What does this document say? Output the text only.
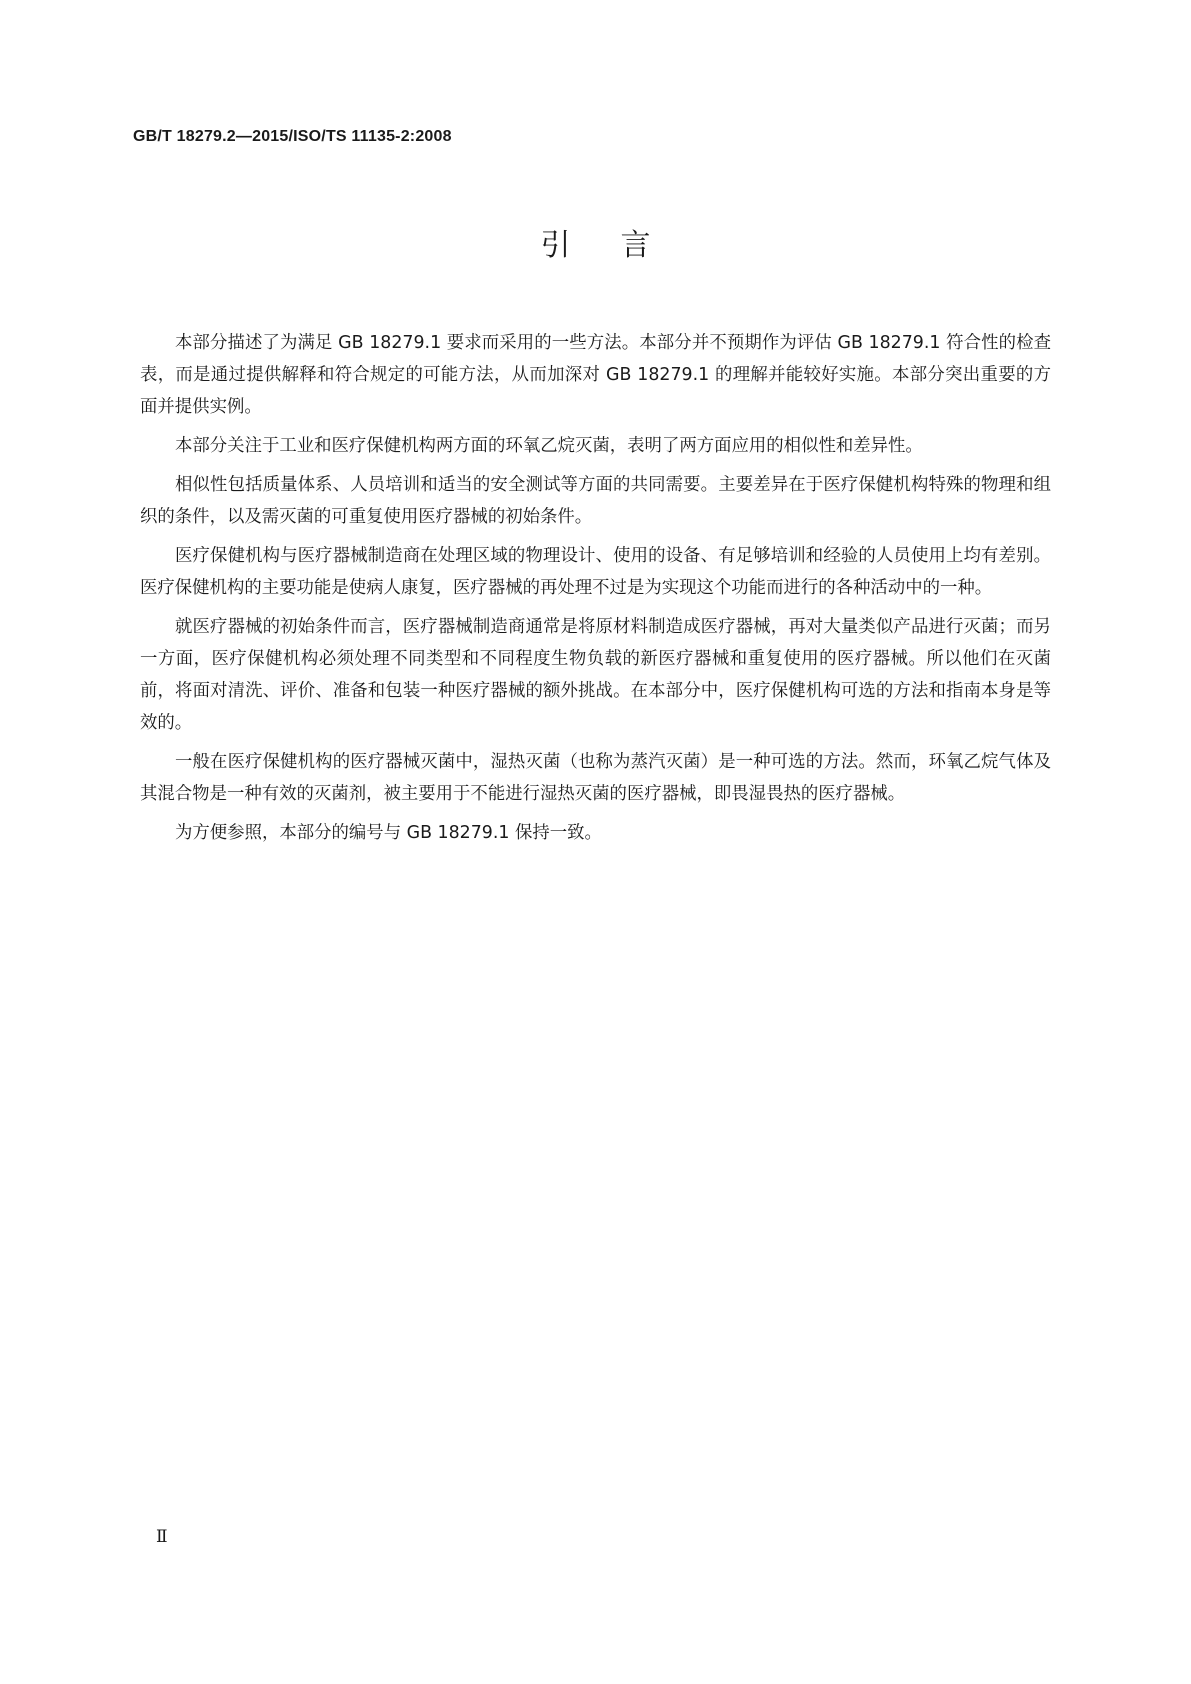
GB/T 18279.2—2015/ISO/TS 11135-2:2008
引言

本部分描述了为满足 GB 18279.1 要求而采用的一些方法。本部分并不预期作为评估 GB 18279.1 符合性的检查表，而是通过提供解释和符合规定的可能方法，从而加深对 GB 18279.1 的理解并能较好实施。本部分突出重要的方面并提供实例。

本部分关注于工业和医疗保健机构两方面的环氧乙烷灭菌，表明了两方面应用的相似性和差异性。

相似性包括质量体系、人员培训和适当的安全测试等方面的共同需要。主要差异在于医疗保健机构特殊的物理和组织的条件，以及需灭菌的可重复使用医疗器械的初始条件。

医疗保健机构与医疗器械制造商在处理区域的物理设计、使用的设备、有足够培训和经验的人员使用上均有差别。医疗保健机构的主要功能是使病人康复，医疗器械的再处理不过是为实现这个功能而进行的各种活动中的一种。

就医疗器械的初始条件而言，医疗器械制造商通常是将原材料制造成医疗器械，再对大量类似产品进行灭菌；而另一方面，医疗保健机构必须处理不同类型和不同程度生物负载的新医疗器械和重复使用的医疗器械。所以他们在灭菌前，将面对清洗、评价、准备和包装一种医疗器械的额外挑战。在本部分中，医疗保健机构可选的方法和指南本身是等效的。

一般在医疗保健机构的医疗器械灭菌中，湿热灭菌（也称为蒸汽灭菌）是一种可选的方法。然而，环氧乙烷气体及其混合物是一种有效的灭菌剂，被主要用于不能进行湿热灭菌的医疗器械，即畏湿畏热的医疗器械。

为方便参照，本部分的编号与 GB 18279.1 保持一致。

Ⅱ
